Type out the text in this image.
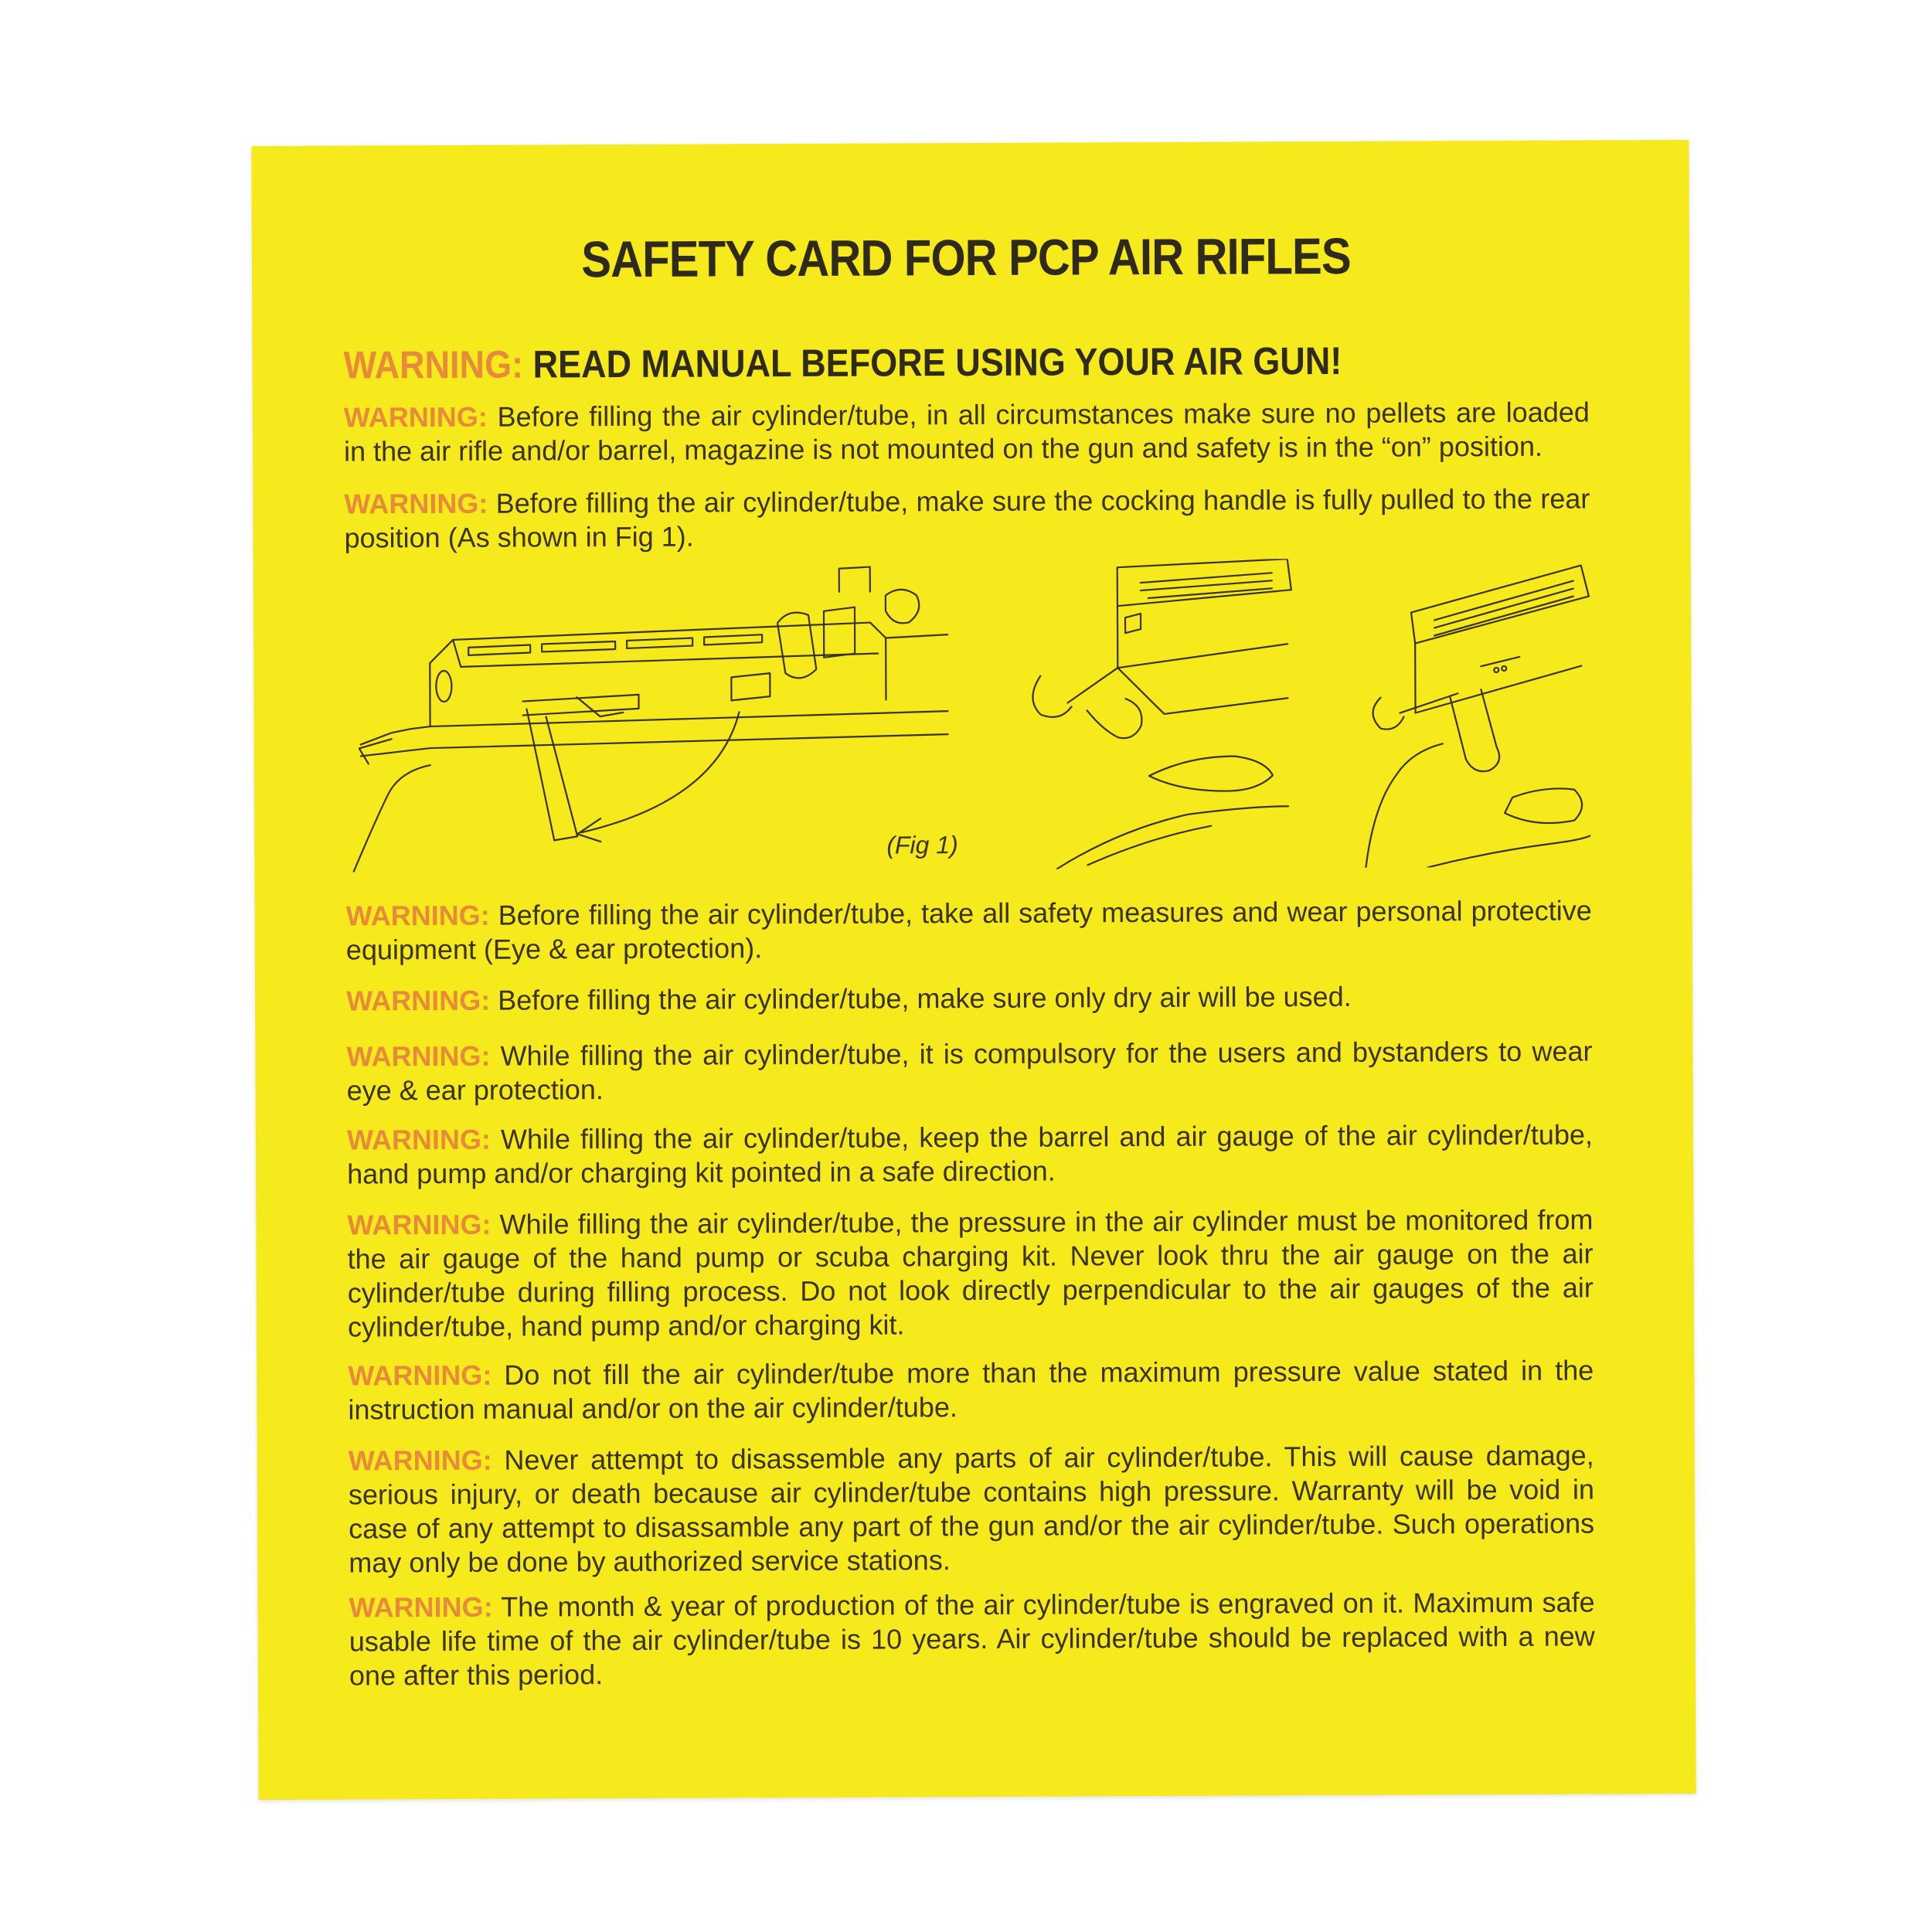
SAFETY CARD FOR PCP AIR RIFLES
WARNING: READ MANUAL BEFORE USING YOUR AIR GUN!
WARNING: Before filling the air cylinder/tube, in all circumstances make sure no pellets are loaded in the air rifle and/or barrel, magazine is not mounted on the gun and safety is in the “on” position.
WARNING: Before filling the air cylinder/tube, make sure the cocking handle is fully pulled to the rear position (As shown in Fig 1).
(Fig 1)
WARNING: Before filling the air cylinder/tube, take all safety measures and wear personal protective equipment (Eye & ear protection).
WARNING: Before filling the air cylinder/tube, make sure only dry air will be used.
WARNING: While filling the air cylinder/tube, it is compulsory for the users and bystanders to wear eye & ear protection.
WARNING: While filling the air cylinder/tube, keep the barrel and air gauge of the air cylinder/tube, hand pump and/or charging kit pointed in a safe direction.
WARNING: While filling the air cylinder/tube, the pressure in the air cylinder must be monitored from the air gauge of the hand pump or scuba charging kit. Never look thru the air gauge on the air cylinder/tube during filling process. Do not look directly perpendicular to the air gauges of the air cylinder/tube, hand pump and/or charging kit.
WARNING: Do not fill the air cylinder/tube more than the maximum pressure value stated in the instruction manual and/or on the air cylinder/tube.
WARNING: Never attempt to disassemble any parts of air cylinder/tube. This will cause damage, serious injury, or death because air cylinder/tube contains high pressure. Warranty will be void in case of any attempt to disassamble any part of the gun and/or the air cylinder/tube. Such operations may only be done by authorized service stations.
WARNING: The month & year of production of the air cylinder/tube is engraved on it. Maximum safe usable life time of the air cylinder/tube is 10 years. Air cylinder/tube should be replaced with a new one after this period.
